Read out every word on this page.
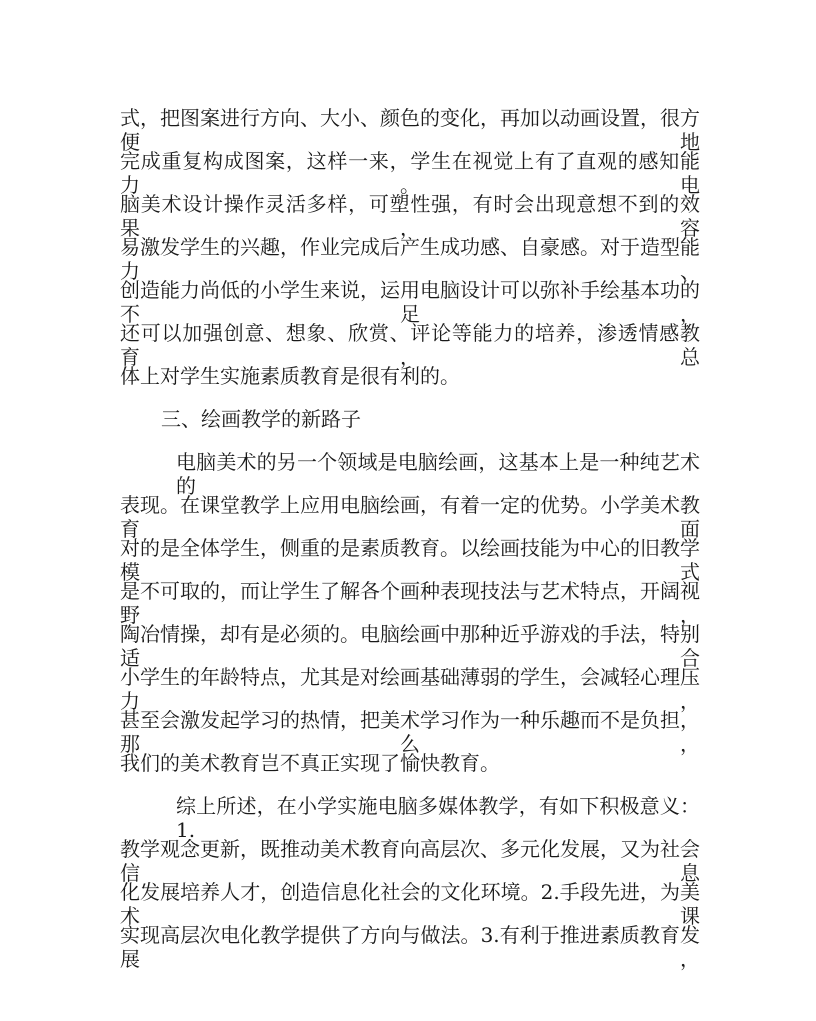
式，把图案进行方向、大小、颜色的变化，再加以动画设置，很方便地
完成重复构成图案，这样一来，学生在视觉上有了直观的感知能力。电
脑美术设计操作灵活多样，可塑性强，有时会出现意想不到的效果，容
易激发学生的兴趣，作业完成后产生成功感、自豪感。对于造型能力、
创造能力尚低的小学生来说，运用电脑设计可以弥补手绘基本功的不足，
还可以加强创意、想象、欣赏、评论等能力的培养，渗透情感教育，总
体上对学生实施素质教育是很有利的。
三、绘画教学的新路子
电脑美术的另一个领域是电脑绘画，这基本上是一种纯艺术的
表现。在课堂教学上应用电脑绘画，有着一定的优势。小学美术教育面
对的是全体学生，侧重的是素质教育。以绘画技能为中心的旧教学模式
是不可取的，而让学生了解各个画种表现技法与艺术特点，开阔视野，
陶冶情操，却有是必须的。电脑绘画中那种近乎游戏的手法，特别适合
小学生的年龄特点，尤其是对绘画基础薄弱的学生，会减轻心理压力，
甚至会激发起学习的热情，把美术学习作为一种乐趣而不是负担，那么，
我们的美术教育岂不真正实现了愉快教育。
综上所述，在小学实施电脑多媒体教学，有如下积极意义：1.
教学观念更新，既推动美术教育向高层次、多元化发展，又为社会信息
化发展培养人才，创造信息化社会的文化环境。2.手段先进，为美术课
实现高层次电化教学提供了方向与做法。3.有利于推进素质教育发展，
